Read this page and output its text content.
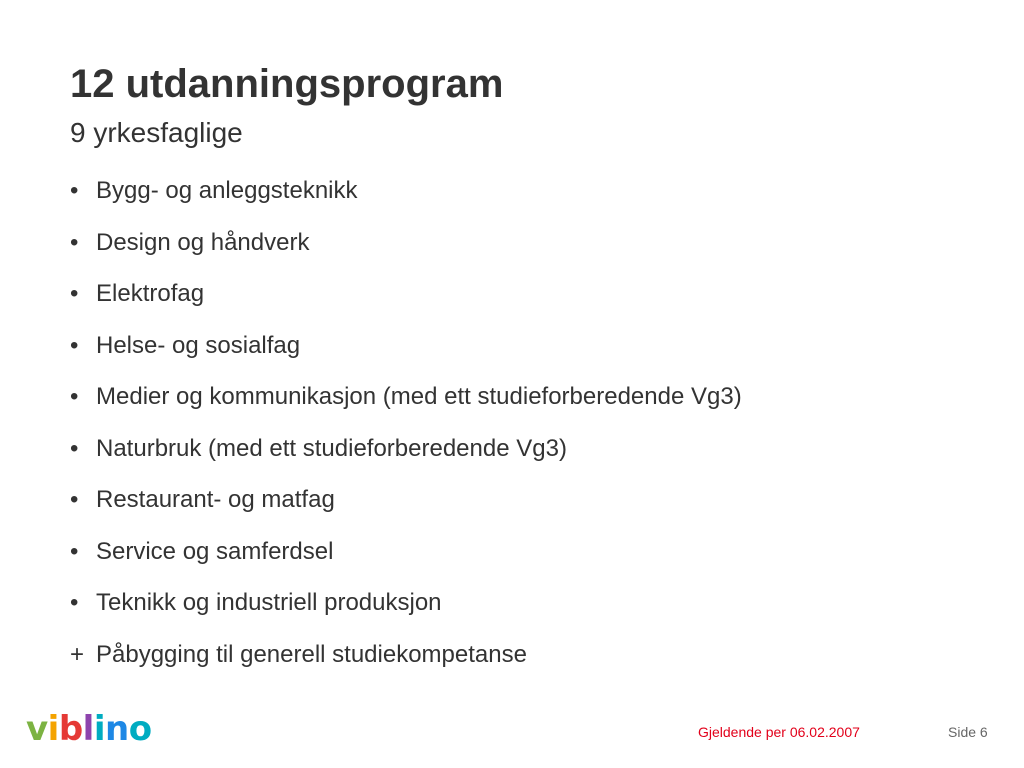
12 utdanningsprogram
9 yrkesfaglige
• Bygg- og anleggsteknikk
• Design og håndverk
• Elektrofag
• Helse- og sosialfag
• Medier og kommunikasjon (med ett studieforberedende Vg3)
• Naturbruk (med ett studieforberedende Vg3)
• Restaurant- og matfag
• Service og samferdsel
• Teknikk og industriell produksjon
+ Påbygging til generell studiekompetanse
viblino	Gjeldende per 06.02.2007	Side 6
